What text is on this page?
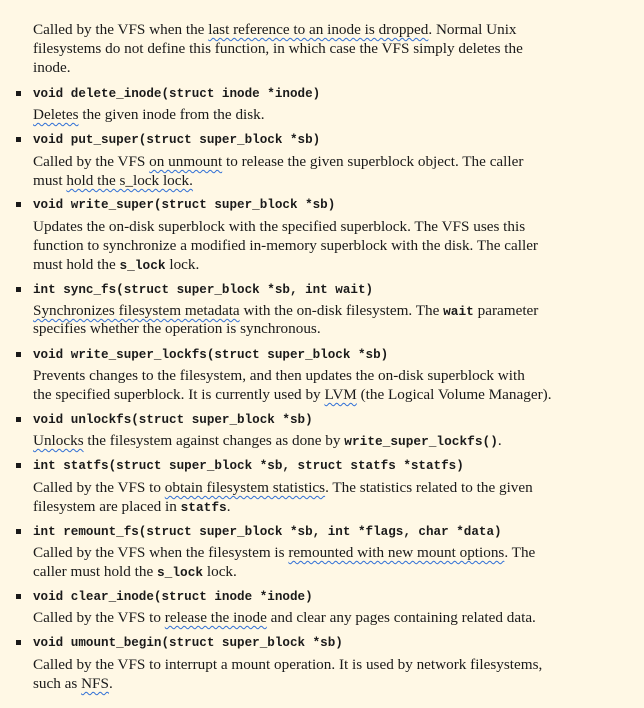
Called by the VFS when the last reference to an inode is dropped. Normal Unix
filesystems do not define this function, in which case the VFS simply deletes the
inode.
void delete_inode(struct inode *inode)
Deletes the given inode from the disk.
void put_super(struct super_block *sb)
Called by the VFS on unmount to release the given superblock object. The caller
must hold the s_lock lock.
void write_super(struct super_block *sb)
Updates the on-disk superblock with the specified superblock. The VFS uses this
function to synchronize a modified in-memory superblock with the disk. The caller
must hold the s_lock lock.
int sync_fs(struct super_block *sb, int wait)
Synchronizes filesystem metadata with the on-disk filesystem. The wait parameter
specifies whether the operation is synchronous.
void write_super_lockfs(struct super_block *sb)
Prevents changes to the filesystem, and then updates the on-disk superblock with
the specified superblock. It is currently used by LVM (the Logical Volume Manager).
void unlockfs(struct super_block *sb)
Unlocks the filesystem against changes as done by write_super_lockfs().
int statfs(struct super_block *sb, struct statfs *statfs)
Called by the VFS to obtain filesystem statistics. The statistics related to the given
filesystem are placed in statfs.
int remount_fs(struct super_block *sb, int *flags, char *data)
Called by the VFS when the filesystem is remounted with new mount options. The
caller must hold the s_lock lock.
void clear_inode(struct inode *inode)
Called by the VFS to release the inode and clear any pages containing related data.
void umount_begin(struct super_block *sb)
Called by the VFS to interrupt a mount operation. It is used by network filesystems,
such as NFS.
